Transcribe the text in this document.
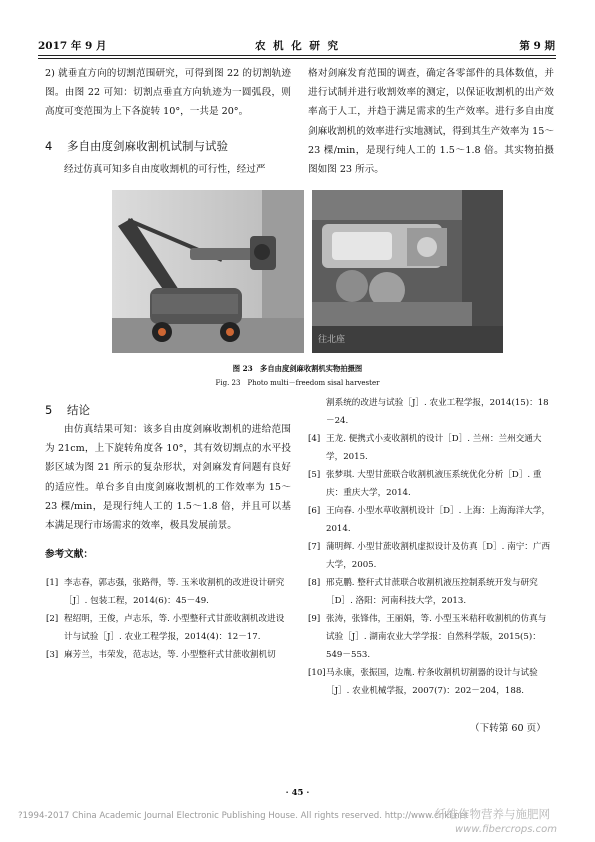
2017 年 9 月	农 机 化 研 究	第 9 期
2) 就垂直方向的切割范围研究，可得到图 22 的切割轨迹图。由图 22 可知：切割点垂直方向轨迹为一圆弧段，则高度可变范围为上下各旋转 10°，一共是 20°。
4 多自由度剑麻收割机试制与试验
经过仿真可知多自由度收割机的可行性，经过严
格对剑麻发育范围的调查，确定各零部件的具体数值，并进行试制并进行收割效率的测定，以保证收割机的出产效率高于人工，并趋于满足需求的生产效率。进行多自由度剑麻收割机的效率进行实地测试，得到其生产效率为 15～23 棵/min，是现行纯人工的 1.5～1.8 倍。其实物拍摄图如图 23 所示。
往北座
图 23　多自由度剑麻收割机实物拍摄图
Fig. 23　Photo multi－freedom sisal harvester
5 结论
由仿真结果可知：该多自由度剑麻收割机的进给范围为 21cm，上下旋转角度各 10°，其有效切割点的水平投影区域为图 21 所示的复杂形状，对剑麻发育问题有良好的适应性。单台多自由度剑麻收割机的工作效率为 15～23 棵/min，是现行纯人工的 1.5～1.8 倍，并且可以基本满足现行市场需求的效率，极具发展前景。
参考文献：
[1] 李志春，郭志强，张路得，等. 玉米收割机的改进设计研究［J］. 包装工程，2014(6)：45－49.
[2] 程绍明，王俊，卢志乐，等. 小型整秆式甘蔗收割机改进设计与试验［J］. 农业工程学报，2014(4)：12－17.
[3] 麻芳兰，韦荣发，范志达，等. 小型整秆式甘蔗收割机切
割系统的改进与试验［J］. 农业工程学报，2014(15)：18－24.
[4] 王龙. 便携式小麦收割机的设计［D］. 兰州：兰州交通大学，2015.
[5] 张梦琪. 大型甘蔗联合收割机液压系统优化分析［D］. 重庆：重庆大学，2014.
[6] 王向春. 小型水草收割机设计［D］. 上海：上海海洋大学，2014.
[7] 蒲明辉. 小型甘蔗收割机虚拟设计及仿真［D］. 南宁：广西大学，2005.
[8] 邢克鹏. 整秆式甘蔗联合收割机液压控制系统开发与研究［D］. 洛阳：河南科技大学，2013.
[9] 张涛，张锋伟，王丽娟，等. 小型玉米秸秆收割机的仿真与试验［J］. 湖南农业大学学报：自然科学版，2015(5)：549－553.
[10] 马永康，张振国，边胤. 柠条收割机切割器的设计与试验［J］. 农业机械学报，2007(7)：202－204，188.
（下转第 60 页）
· 45 ·
?1994-2017 China Academic Journal Electronic Publishing House. All rights reserved. http://www.cnki.net
纤维作物营养与施肥网
www.fibercrops.com
